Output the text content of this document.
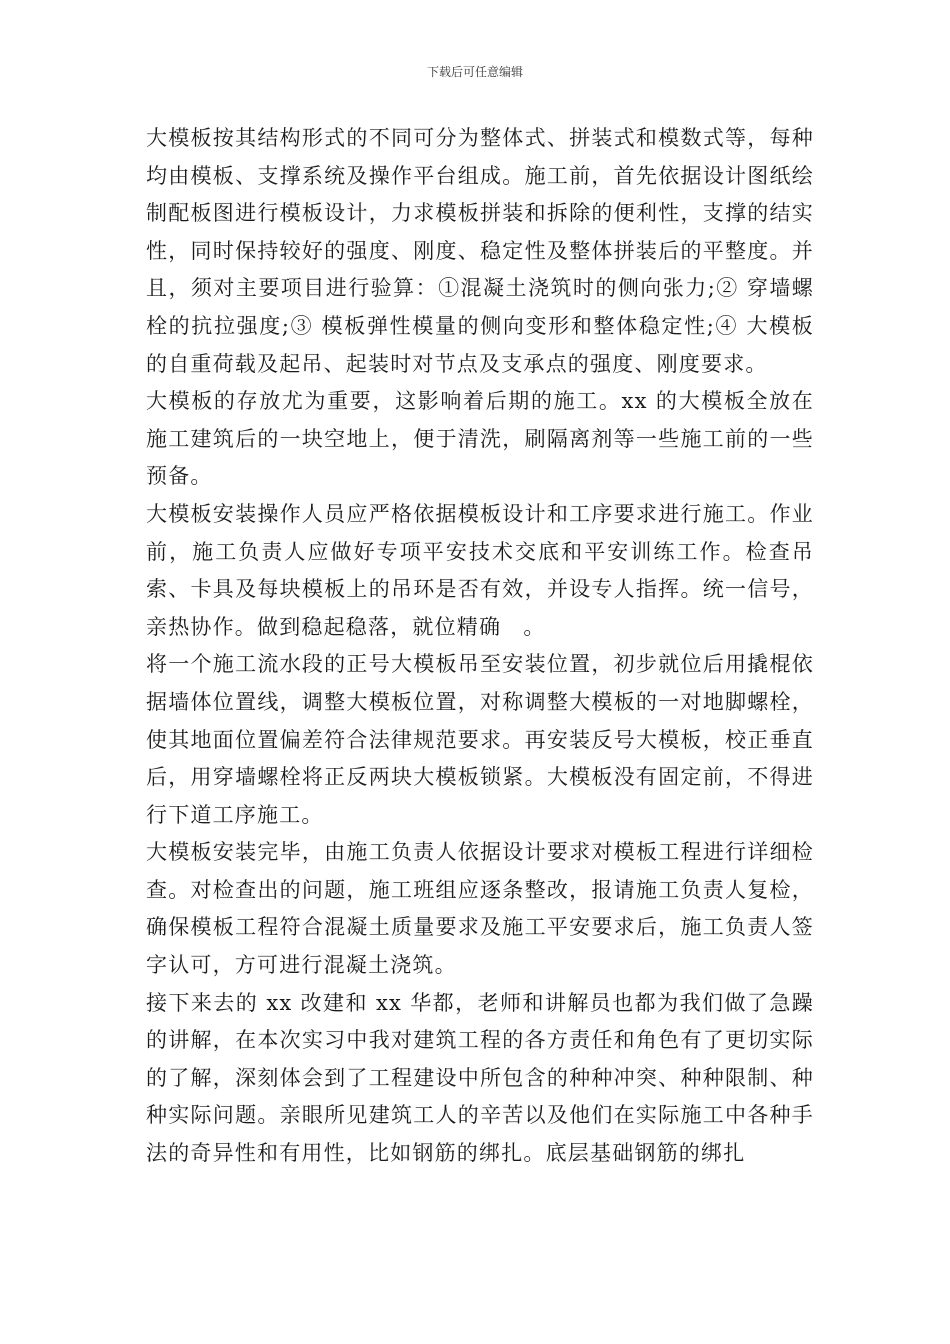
下载后可任意编辑

大模板按其结构形式的不同可分为整体式、拼装式和模数式等，每种均由模板、支撑系统及操作平台组成。施工前，首先依据设计图纸绘制配板图进行模板设计，力求模板拼装和拆除的便利性，支撑的结实性，同时保持较好的强度、刚度、稳定性及整体拼装后的平整度。并且，须对主要项目进行验算：①混凝土浇筑时的侧向张力;② 穿墙螺栓的抗拉强度;③ 模板弹性模量的侧向变形和整体稳定性;④ 大模板的自重荷载及起吊、起装时对节点及支承点的强度、刚度要求。

大模板的存放尤为重要，这影响着后期的施工。xx 的大模板全放在施工建筑后的一块空地上，便于清洗，刷隔离剂等一些施工前的一些预备。

大模板安装操作人员应严格依据模板设计和工序要求进行施工。作业前，施工负责人应做好专项平安技术交底和平安训练工作。检查吊索、卡具及每块模板上的吊环是否有效，并设专人指挥。统一信号，亲热协作。做到稳起稳落，就位精确　。

将一个施工流水段的正号大模板吊至安装位置，初步就位后用撬棍依据墙体位置线，调整大模板位置，对称调整大模板的一对地脚螺栓，使其地面位置偏差符合法律规范要求。再安装反号大模板，校正垂直后，用穿墙螺栓将正反两块大模板锁紧。大模板没有固定前，不得进行下道工序施工。

大模板安装完毕，由施工负责人依据设计要求对模板工程进行详细检查。对检查出的问题，施工班组应逐条整改，报请施工负责人复检，确保模板工程符合混凝土质量要求及施工平安要求后，施工负责人签字认可，方可进行混凝土浇筑。

接下来去的 xx 改建和 xx 华都，老师和讲解员也都为我们做了急躁的讲解，在本次实习中我对建筑工程的各方责任和角色有了更切实际的了解，深刻体会到了工程建设中所包含的种种冲突、种种限制、种种实际问题。亲眼所见建筑工人的辛苦以及他们在实际施工中各种手法的奇异性和有用性，比如钢筋的绑扎。底层基础钢筋的绑扎
